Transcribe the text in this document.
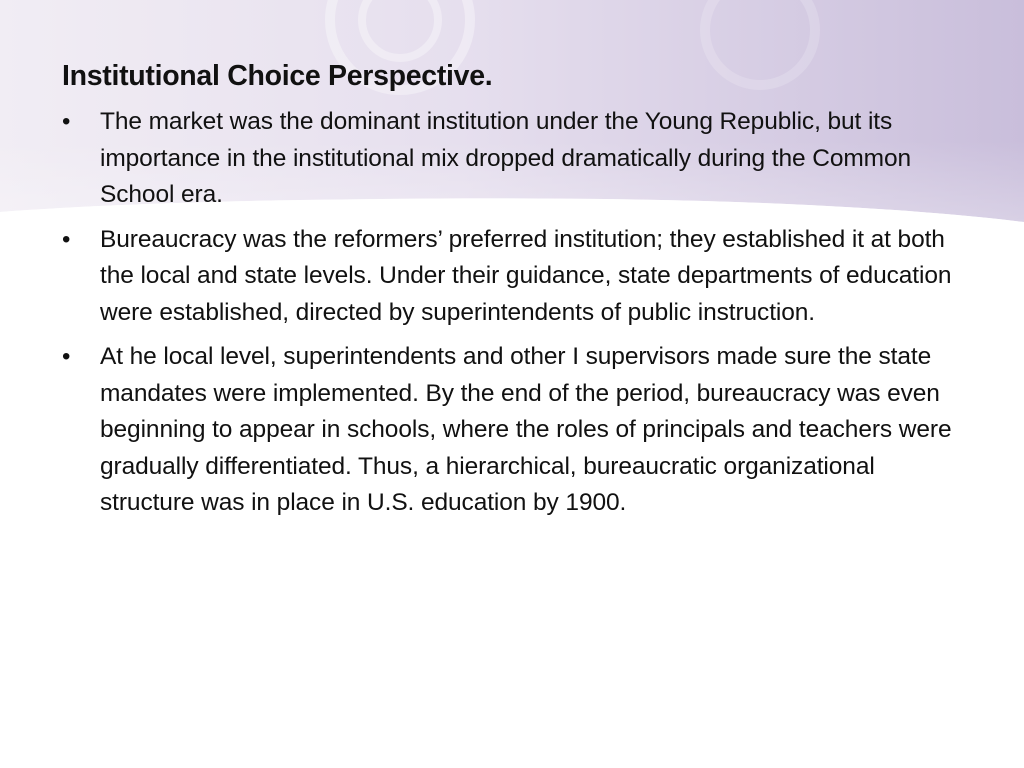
Institutional Choice Perspective.
• The market was the dominant institution under the Young Republic, but its importance in the institutional mix dropped dramatically during the Common School era.
• Bureaucracy was the reformers’ preferred institution; they established it at both the local and state levels. Under their guidance, state departments of education were established, directed by superintendents of public instruction.
• At he local level, superintendents and other I supervisors made sure the state mandates were implemented. By the end of the period, bureaucracy was even beginning to appear in schools, where the roles of principals and teachers were gradually differentiated. Thus, a hierarchical, bureaucratic organizational structure was in place in U.S. education by 1900.
